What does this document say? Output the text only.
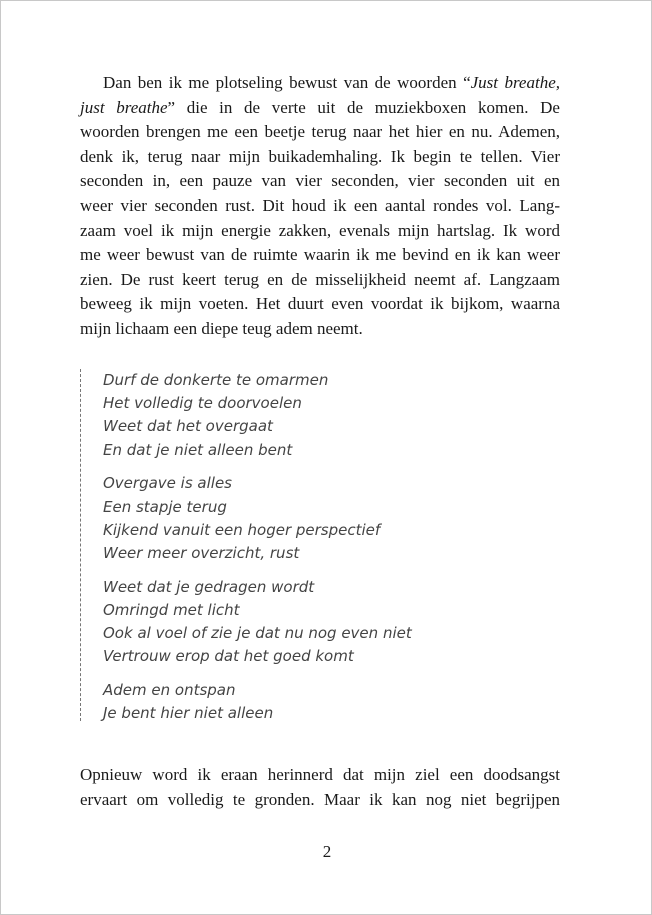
Dan ben ik me plotseling bewust van de woorden “Just breathe,
just breathe” die in de verte uit de muziekboxen komen. De
woorden brengen me een beetje terug naar het hier en nu. Ademen,
denk ik, terug naar mijn buikademhaling. Ik begin te tellen. Vier
seconden in, een pauze van vier seconden, vier seconden uit en
weer vier seconden rust. Dit houd ik een aantal rondes vol. Lang-
zaam voel ik mijn energie zakken, evenals mijn hartslag. Ik word
me weer bewust van de ruimte waarin ik me bevind en ik kan weer
zien. De rust keert terug en de misselijkheid neemt af. Langzaam
beweeg ik mijn voeten. Het duurt even voordat ik bijkom, waarna
mijn lichaam een diepe teug adem neemt.
Durf de donkerte te omarmen
Het volledig te doorvoelen
Weet dat het overgaat
En dat je niet alleen bent
Overgave is alles
Een stapje terug
Kijkend vanuit een hoger perspectief
Weer meer overzicht, rust
Weet dat je gedragen wordt
Omringd met licht
Ook al voel of zie je dat nu nog even niet
Vertrouw erop dat het goed komt
Adem en ontspan
Je bent hier niet alleen
Opnieuw word ik eraan herinnerd dat mijn ziel een doodsangst
ervaart om volledig te gronden. Maar ik kan nog niet begrijpen
2
